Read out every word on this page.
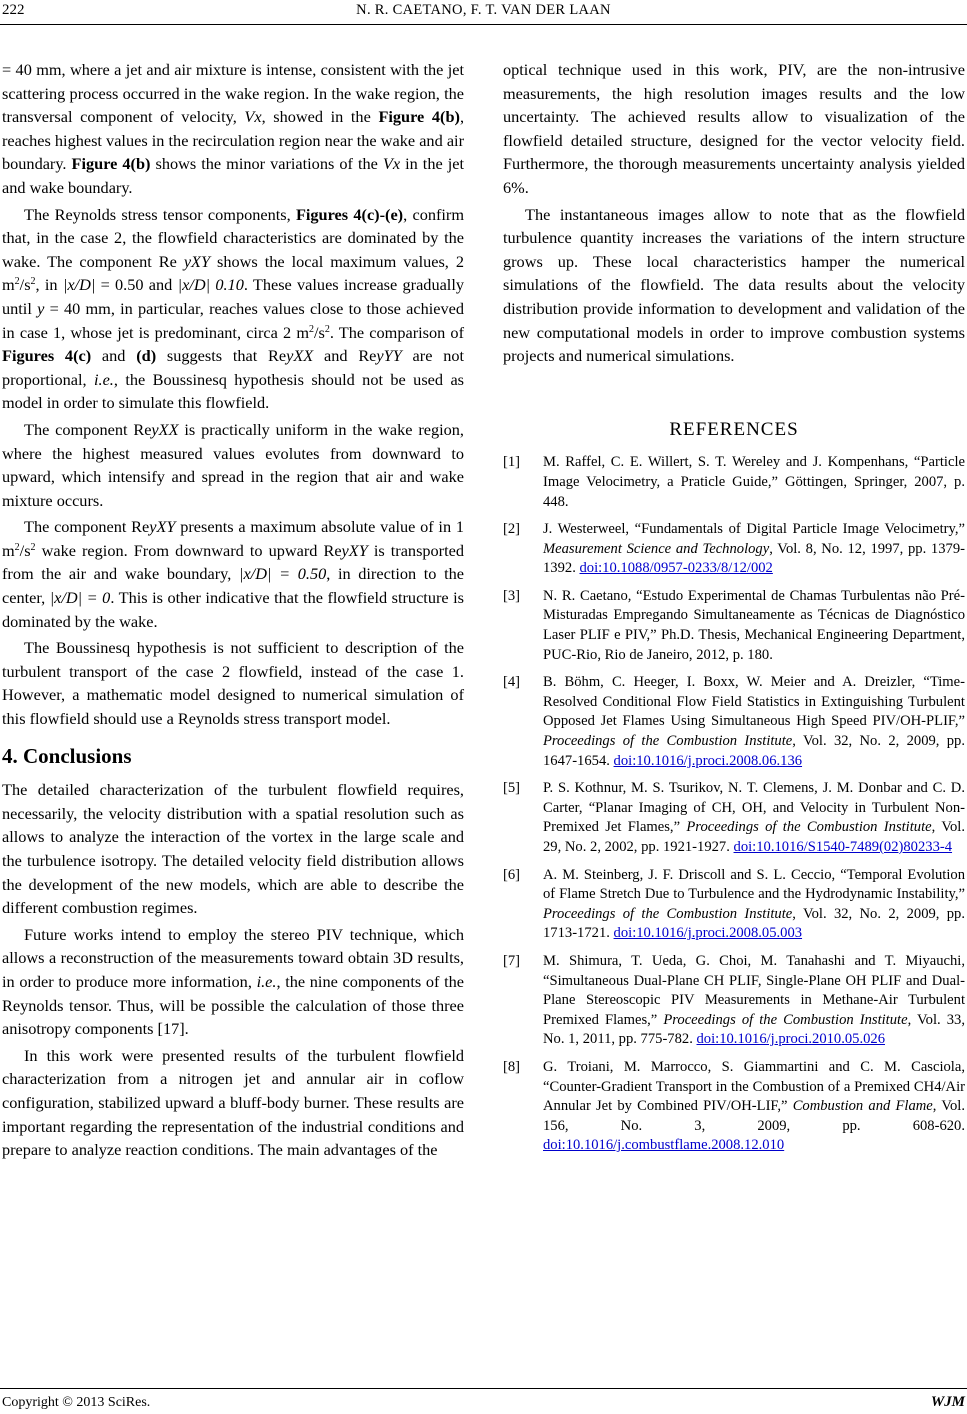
222	N. R. CAETANO, F. T. VAN DER LAAN

= 40 mm, where a jet and air mixture is intense, consistent with the jet scattering process occurred in the wake region. In the wake region, the transversal component of velocity, Vx, showed in the Figure 4(b), reaches highest values in the recirculation region near the wake and air boundary. Figure 4(b) shows the minor variations of the Vx in the jet and wake boundary.

The Reynolds stress tensor components, Figures 4(c)-(e), confirm that, in the case 2, the flowfield characteristics are dominated by the wake. The component Re yXY shows the local maximum values, 2 $m^2/s^2$, in |x/D| = 0.50 and |x/D| 0.10. These values increase gradually until y = 40 mm, in particular, reaches values close to those achieved in case 1, whose jet is predominant, circa 2 $m^2/s^2$. The comparison of Figures 4(c) and (d) suggests that ReyXX and ReyYY are not proportional, i.e., the Boussinesq hypothesis should not be used as model in order to simulate this flowfield.

The component ReyXX is practically uniform in the wake region, where the highest measured values evolutes from downward to upward, which intensify and spread in the region that air and wake mixture occurs.

The component ReyXY presents a maximum absolute value of in 1 $m^2/s^2$ wake region. From downward to upward ReyXY is transported from the air and wake boundary, |x/D| = 0.50, in direction to the center, |x/D| = 0. This is other indicative that the flowfield structure is dominated by the wake.

The Boussinesq hypothesis is not sufficient to description of the turbulent transport of the case 2 flowfield, instead of the case 1. However, a mathematic model designed to numerical simulation of this flowfield should use a Reynolds stress transport model.

4. Conclusions

The detailed characterization of the turbulent flowfield requires, necessarily, the velocity distribution with a spatial resolution such as allows to analyze the interaction of the vortex in the large scale and the turbulence isotropy. The detailed velocity field distribution allows the development of the new models, which are able to describe the different combustion regimes.

Future works intend to employ the stereo PIV technique, which allows a reconstruction of the measurements toward obtain 3D results, in order to produce more information, i.e., the nine components of the Reynolds tensor. Thus, will be possible the calculation of those three anisotropy components [17].

In this work were presented results of the turbulent flowfield characterization from a nitrogen jet and annular air in coflow configuration, stabilized upward a bluff-body burner. These results are important regarding the representation of the industrial conditions and prepare to analyze reaction conditions. The main advantages of the

optical technique used in this work, PIV, are the non-intrusive measurements, the high resolution images results and the low uncertainty. The achieved results allow to visualization of the flowfield detailed structure, designed for the vector velocity field. Furthermore, the thorough measurements uncertainty analysis yielded 6%.

The instantaneous images allow to note that as the flowfield turbulence quantity increases the variations of the intern structure grows up. These local characteristics hamper the numerical simulations of the flowfield. The data results about the velocity distribution provide information to development and validation of the new computational models in order to improve combustion systems projects and numerical simulations.

REFERENCES
[1]	M. Raffel, C. E. Willert, S. T. Wereley and J. Kompenhans, “Particle Image Velocimetry, a Praticle Guide,” Göttingen, Springer, 2007, p. 448.
[2]	J. Westerweel, “Fundamentals of Digital Particle Image Velocimetry,” Measurement Science and Technology, Vol. 8, No. 12, 1997, pp. 1379-1392. doi:10.1088/0957-0233/8/12/002
[3]	N. R. Caetano, “Estudo Experimental de Chamas Turbulentas não Pré-Misturadas Empregando Simultaneamente as Técnicas de Diagnóstico Laser PLIF e PIV,” Ph.D. Thesis, Mechanical Engineering Department, PUC-Rio, Rio de Janeiro, 2012, p. 180.
[4]	B. Böhm, C. Heeger, I. Boxx, W. Meier and A. Dreizler, “Time-Resolved Conditional Flow Field Statistics in Extinguishing Turbulent Opposed Jet Flames Using Simultaneous High Speed PIV/OH-PLIF,” Proceedings of the Combustion Institute, Vol. 32, No. 2, 2009, pp. 1647-1654. doi:10.1016/j.proci.2008.06.136
[5]	P. S. Kothnur, M. S. Tsurikov, N. T. Clemens, J. M. Donbar and C. D. Carter, “Planar Imaging of CH, OH, and Velocity in Turbulent Non-Premixed Jet Flames,” Proceedings of the Combustion Institute, Vol. 29, No. 2, 2002, pp. 1921-1927. doi:10.1016/S1540-7489(02)80233-4
[6]	A. M. Steinberg, J. F. Driscoll and S. L. Ceccio, “Temporal Evolution of Flame Stretch Due to Turbulence and the Hydrodynamic Instability,” Proceedings of the Combustion Institute, Vol. 32, No. 2, 2009, pp. 1713-1721. doi:10.1016/j.proci.2008.05.003
[7]	M. Shimura, T. Ueda, G. Choi, M. Tanahashi and T. Miyauchi, “Simultaneous Dual-Plane CH PLIF, Single-Plane OH PLIF and Dual-Plane Stereoscopic PIV Measurements in Methane-Air Turbulent Premixed Flames,” Proceedings of the Combustion Institute, Vol. 33, No. 1, 2011, pp. 775-782. doi:10.1016/j.proci.2010.05.026
[8]	G. Troiani, M. Marrocco, S. Giammartini and C. M. Casciola, “Counter-Gradient Transport in the Combustion of a Premixed CH4/Air Annular Jet by Combined PIV/OH-LIF,” Combustion and Flame, Vol. 156, No. 3, 2009, pp. 608-620. doi:10.1016/j.combustflame.2008.12.010
Copyright © 2013 SciRes.	WJM
